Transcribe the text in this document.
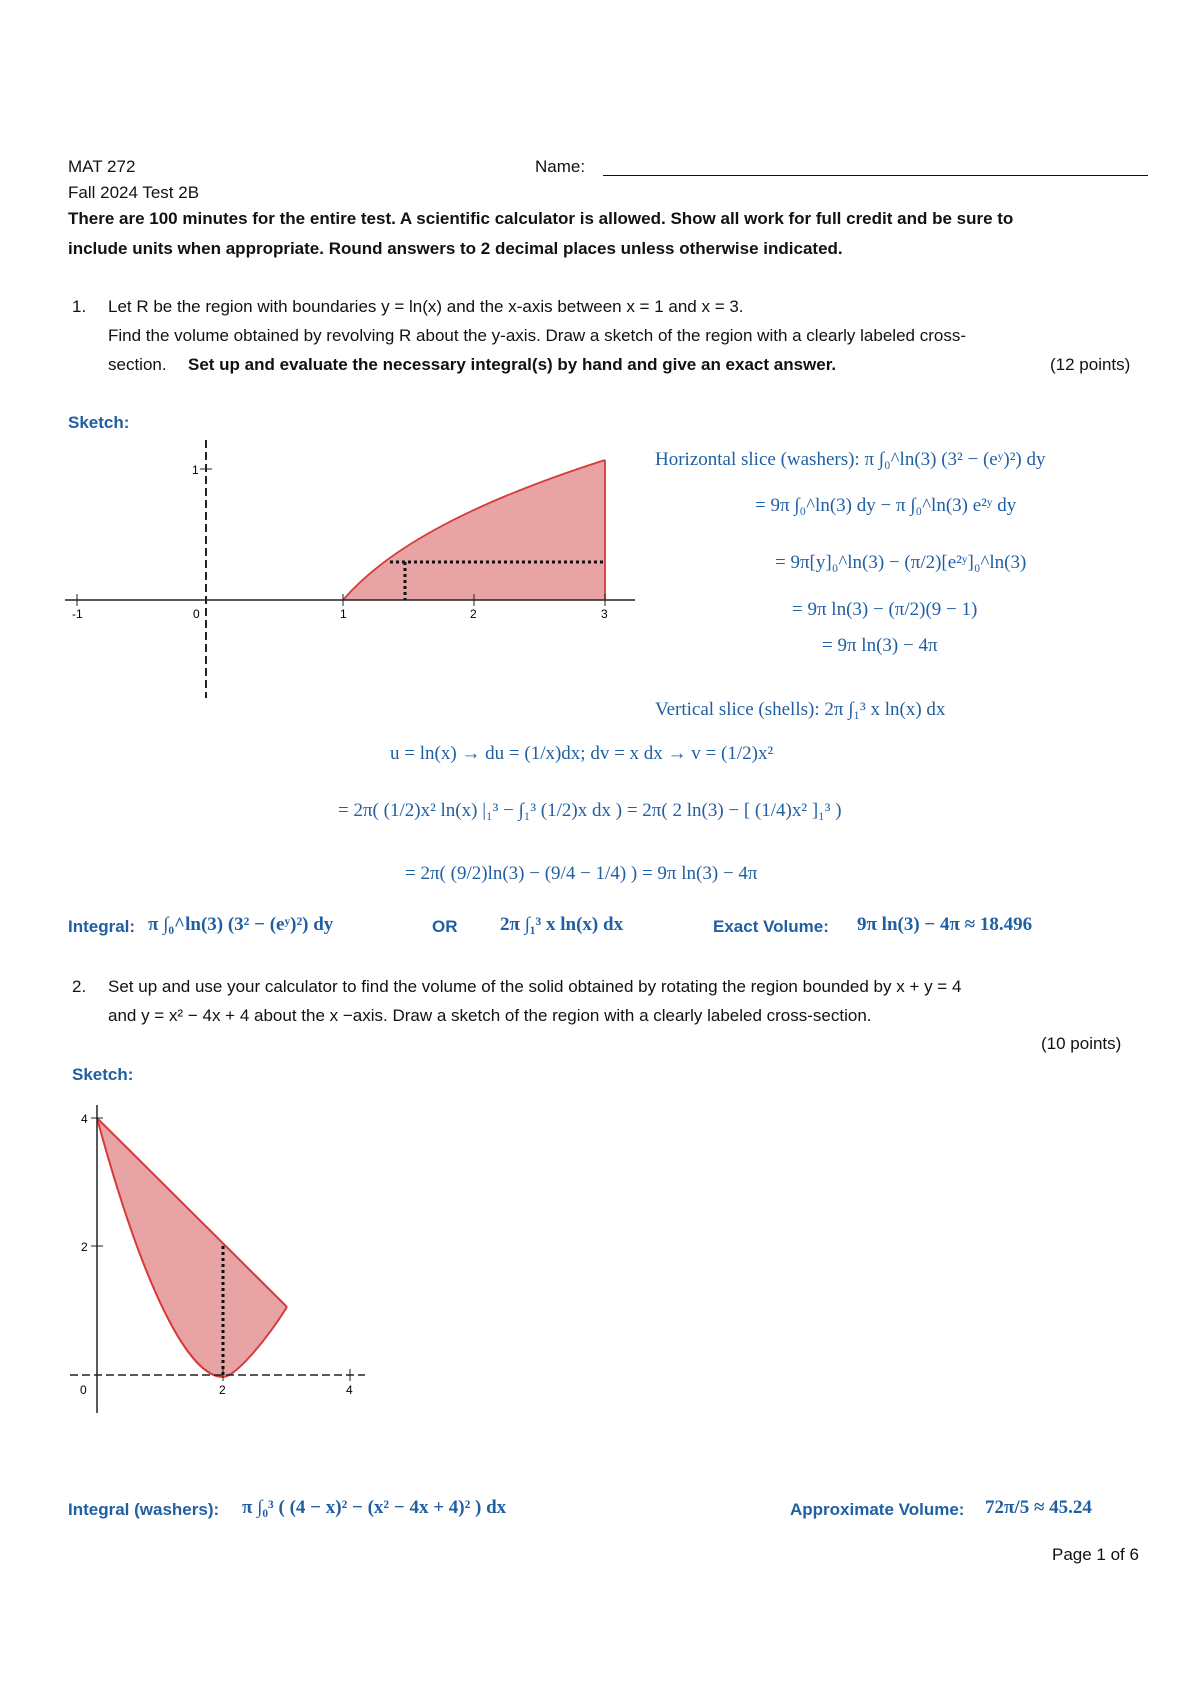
MAT 272	Name:
Fall 2024 Test 2B
There are 100 minutes for the entire test. A scientific calculator is allowed. Show all work for full credit and be sure to
include units when appropriate. Round answers to 2 decimal places unless otherwise indicated.
1. Let R be the region with boundaries y = ln(x) and the x-axis between x = 1 and x = 3.
Find the volume obtained by revolving R about the y-axis. Draw a sketch of the region with a clearly labeled cross-
section. Set up and evaluate the necessary integral(s) by hand and give an exact answer.	(12 points)
Sketch:
-1	0	1	2	3
1	Horizontal slice (washers): π ∫₀^ln(3) (3² − (eʸ)²) dy
= 9π ∫₀^ln(3) dy − π ∫₀^ln(3) e²ʸ dy
= 9π[y]₀^ln(3) − (π/2)[e²ʸ]₀^ln(3)
= 9π ln(3) − (π/2)(9 − 1)
= 9π ln(3) − 4π
Vertical slice (shells): 2π ∫₁³ x ln(x) dx
u = ln(x) → du = (1/x)dx; dv = x dx → v = (1/2)x²
= 2π( (1/2)x² ln(x) |₁³ − ∫₁³ (1/2)x dx ) = 2π( 2 ln(3) − [ (1/4)x² ]₁³ )
= 2π( (9/2)ln(3) − (9/4 − 1/4) ) = 9π ln(3) − 4π
Integral: π ∫₀^ln(3) (3² − (eʸ)²) dy	OR 2π ∫₁³ x ln(x) dx	Exact Volume: 9π ln(3) − 4π ≈ 18.496
2. Set up and use your calculator to find the volume of the solid obtained by rotating the region bounded by x + y = 4
and y = x² − 4x + 4 about the x −axis. Draw a sketch of the region with a clearly labeled cross-section.
(10 points)
Sketch:
4
2
0	2	4
Integral (washers): π ∫₀³ ( (4 − x)² − (x² − 4x + 4)² ) dx	Approximate Volume: 72π/5 ≈ 45.24
Page 1 of 6
